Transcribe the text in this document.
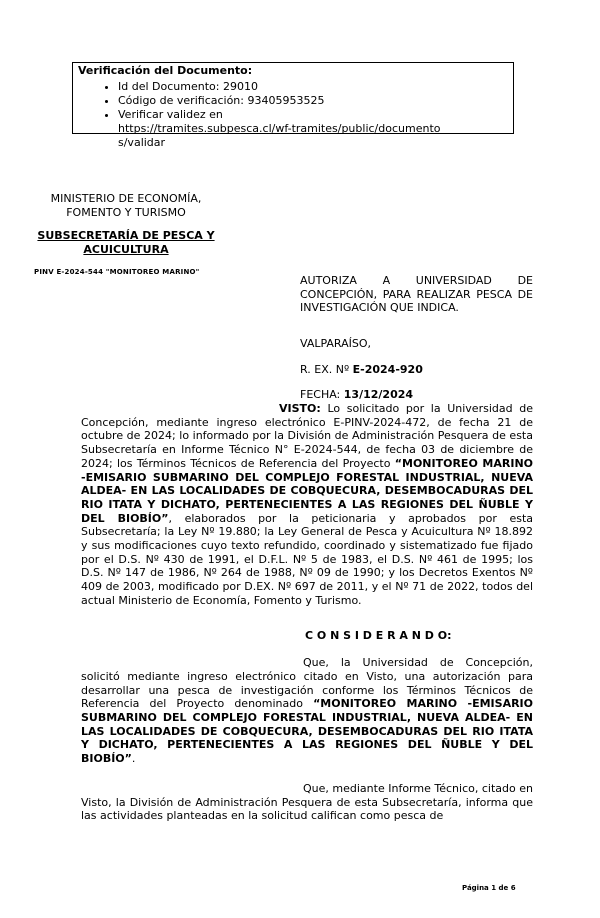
Verificación del Documento:
• Id del Documento: 29010
• Código de verificación: 93405953525
• Verificar validez en
https://tramites.subpesca.cl/wf-tramites/public/documentos/validar
MINISTERIO DE ECONOMÍA,
FOMENTO Y TURISMO
SUBSECRETARÍA DE PESCA Y
ACUICULTURA
PINV E-2024-544 "MONITOREO MARINO"
AUTORIZA A UNIVERSIDAD DE CONCEPCIÓN, PARA REALIZAR PESCA DE INVESTIGACIÓN QUE INDICA.
VALPARAÍSO,
R. EX. Nº E-2024-920
FECHA: 13/12/2024

VISTO: Lo solicitado por la Universidad de Concepción, mediante ingreso electrónico E-PINV-2024-472, de fecha 21 de octubre de 2024; lo informado por la División de Administración Pesquera de esta Subsecretaría en Informe Técnico N° E-2024-544, de fecha 03 de diciembre de 2024; los Términos Técnicos de Referencia del Proyecto “MONITOREO MARINO -EMISARIO SUBMARINO DEL COMPLEJO FORESTAL INDUSTRIAL, NUEVA ALDEA- EN LAS LOCALIDADES DE COBQUECURA, DESEMBOCADURAS DEL RIO ITATA Y DICHATO, PERTENECIENTES A LAS REGIONES DEL ÑUBLE Y DEL BIOBÍO”, elaborados por la peticionaria y aprobados por esta Subsecretaría; la Ley Nº 19.880; la Ley General de Pesca y Acuicultura Nº 18.892 y sus modificaciones cuyo texto refundido, coordinado y sistematizado fue fijado por el D.S. Nº 430 de 1991, el D.F.L. Nº 5 de 1983, el D.S. Nº 461 de 1995; los D.S. Nº 147 de 1986, Nº 264 de 1988, Nº 09 de 1990; y los Decretos Exentos Nº 409 de 2003, modificado por D.EX. Nº 697 de 2011, y el Nº 71 de 2022, todos del actual Ministerio de Economía, Fomento y Turismo.

C O N S I D E R A N D O:

Que, la Universidad de Concepción, solicitó mediante ingreso electrónico citado en Visto, una autorización para desarrollar una pesca de investigación conforme los Términos Técnicos de Referencia del Proyecto denominado “MONITOREO MARINO -EMISARIO SUBMARINO DEL COMPLEJO FORESTAL INDUSTRIAL, NUEVA ALDEA- EN LAS LOCALIDADES DE COBQUECURA, DESEMBOCADURAS DEL RIO ITATA Y DICHATO, PERTENECIENTES A LAS REGIONES DEL ÑUBLE Y DEL BIOBÍO”.

Que, mediante Informe Técnico, citado en Visto, la División de Administración Pesquera de esta Subsecretaría, informa que las actividades planteadas en la solicitud califican como pesca de

Página 1 de 6
